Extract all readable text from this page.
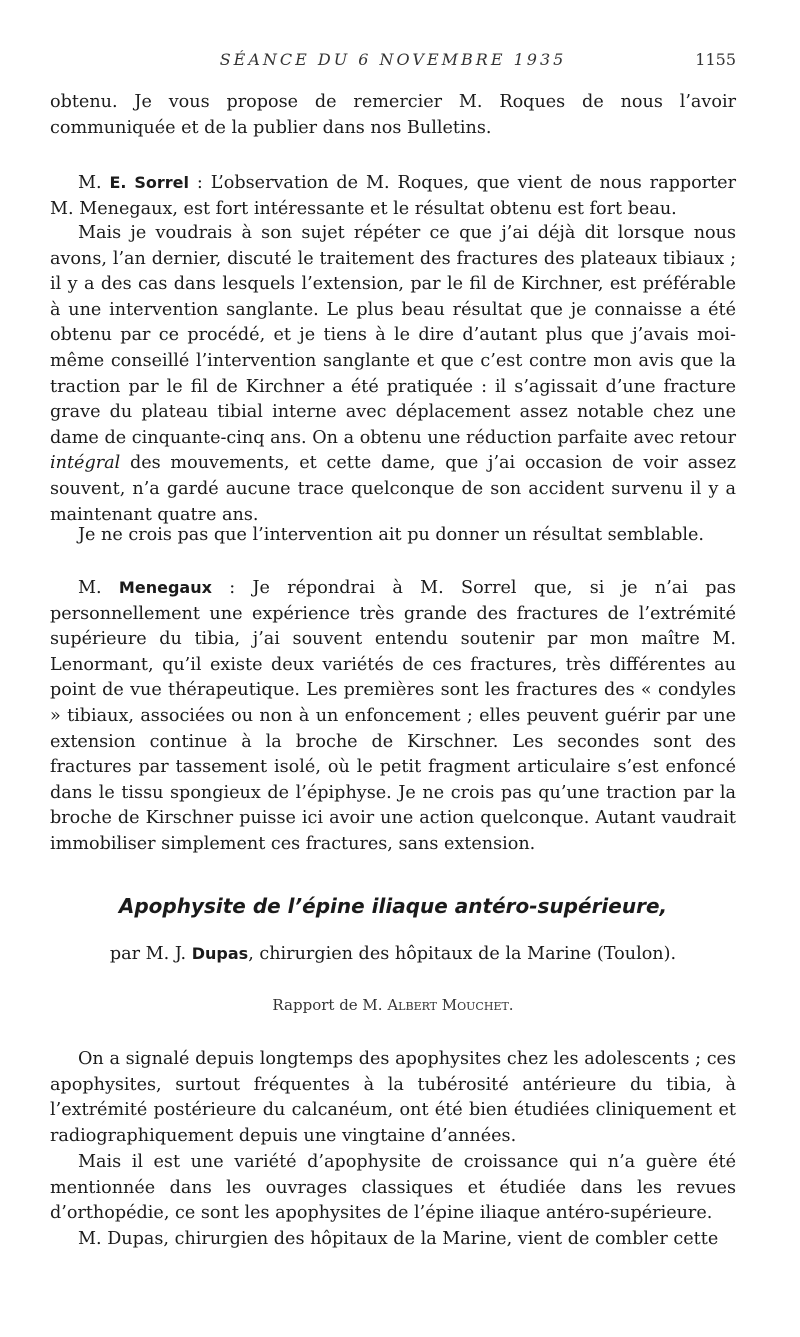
SÉANCE DU 6 NOVEMBRE 1935	1155

obtenu. Je vous propose de remercier M. Roques de nous l’avoir communiquée et de la publier dans nos Bulletins.

M. E. Sorrel : L’observation de M. Roques, que vient de nous rapporter M. Menegaux, est fort intéressante et le résultat obtenu est fort beau.

Mais je voudrais à son sujet répéter ce que j’ai déjà dit lorsque nous avons, l’an dernier, discuté le traitement des fractures des plateaux tibiaux ; il y a des cas dans lesquels l’extension, par le fil de Kirchner, est préférable à une intervention sanglante. Le plus beau résultat que je connaisse a été obtenu par ce procédé, et je tiens à le dire d’autant plus que j’avais moi-même conseillé l’intervention sanglante et que c’est contre mon avis que la traction par le fil de Kirchner a été pratiquée : il s’agissait d’une fracture grave du plateau tibial interne avec déplacement assez notable chez une dame de cinquante-cinq ans. On a obtenu une réduction parfaite avec retour intégral des mouvements, et cette dame, que j’ai occasion de voir assez souvent, n’a gardé aucune trace quelconque de son accident survenu il y a maintenant quatre ans.

Je ne crois pas que l’intervention ait pu donner un résultat semblable.

M. Menegaux : Je répondrai à M. Sorrel que, si je n’ai pas personnellement une expérience très grande des fractures de l’extrémité supérieure du tibia, j’ai souvent entendu soutenir par mon maître M. Lenormant, qu’il existe deux variétés de ces fractures, très différentes au point de vue thérapeutique. Les premières sont les fractures des « condyles » tibiaux, associées ou non à un enfoncement ; elles peuvent guérir par une extension continue à la broche de Kirschner. Les secondes sont des fractures par tassement isolé, où le petit fragment articulaire s’est enfoncé dans le tissu spongieux de l’épiphyse. Je ne crois pas qu’une traction par la broche de Kirschner puisse ici avoir une action quelconque. Autant vaudrait immobiliser simplement ces fractures, sans extension.

Apophysite de l’épine iliaque antéro-supérieure,
par M. J. Dupas, chirurgien des hôpitaux de la Marine (Toulon).
Rapport de M. Albert Mouchet.

On a signalé depuis longtemps des apophysites chez les adolescents ; ces apophysites, surtout fréquentes à la tubérosité antérieure du tibia, à l’extrémité postérieure du calcanéum, ont été bien étudiées cliniquement et radiographiquement depuis une vingtaine d’années.

Mais il est une variété d’apophysite de croissance qui n’a guère été mentionnée dans les ouvrages classiques et étudiée dans les revues d’orthopédie, ce sont les apophysites de l’épine iliaque antéro-supérieure.

M. Dupas, chirurgien des hôpitaux de la Marine, vient de combler cette
